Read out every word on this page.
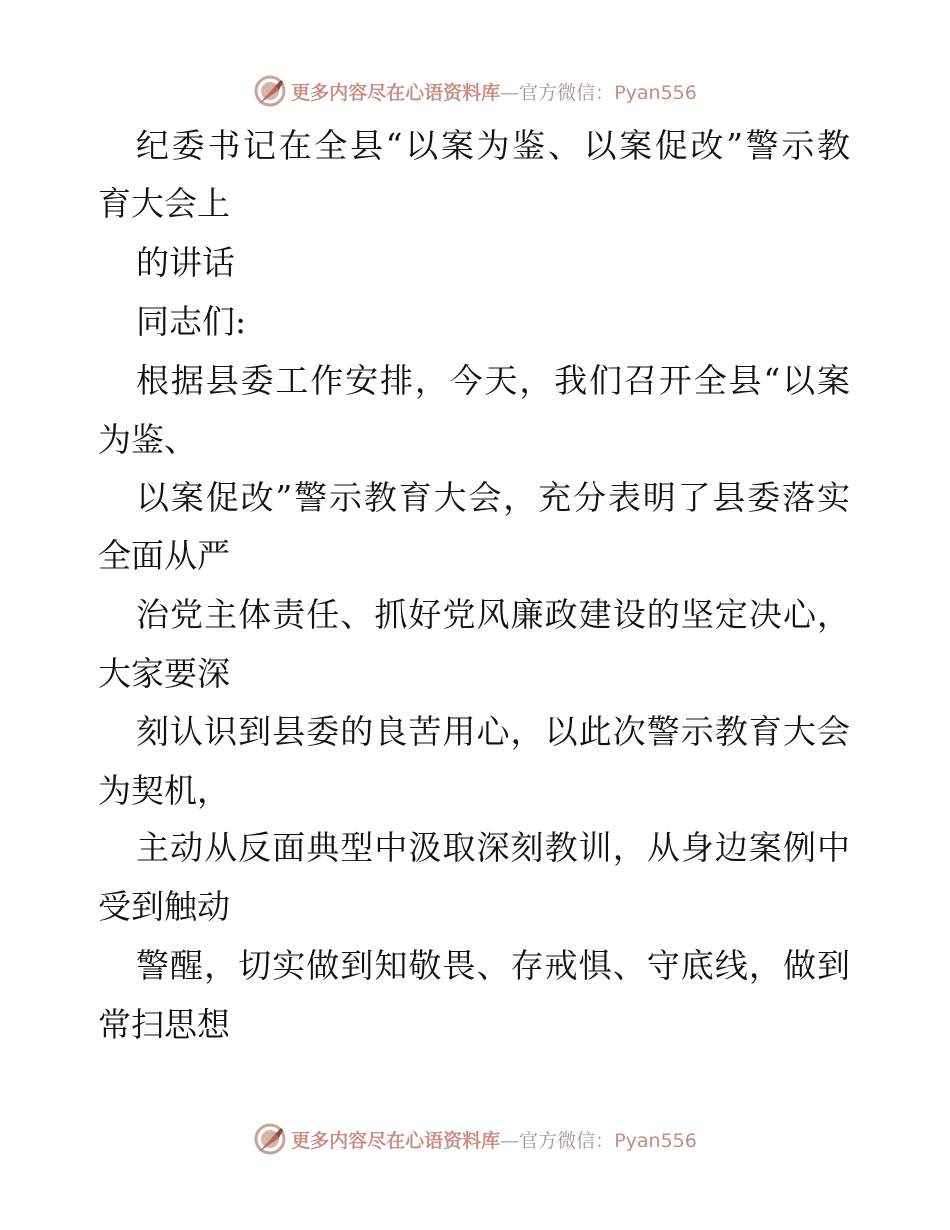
更多内容尽在心语资料库—官方微信：Pyan556
纪委书记在全县“以案为鉴、以案促改”警示教
育大会上
的讲话
同志们:
根据县委工作安排，今天，我们召开全县“以案
为鉴、
以案促改”警示教育大会，充分表明了县委落实
全面从严
治党主体责任、抓好党风廉政建设的坚定决心，
大家要深
刻认识到县委的良苦用心，以此次警示教育大会
为契机，
主动从反面典型中汲取深刻教训，从身边案例中
受到触动
警醒，切实做到知敬畏、存戒惧、守底线，做到
常扫思想
更多内容尽在心语资料库—官方微信：Pyan556
